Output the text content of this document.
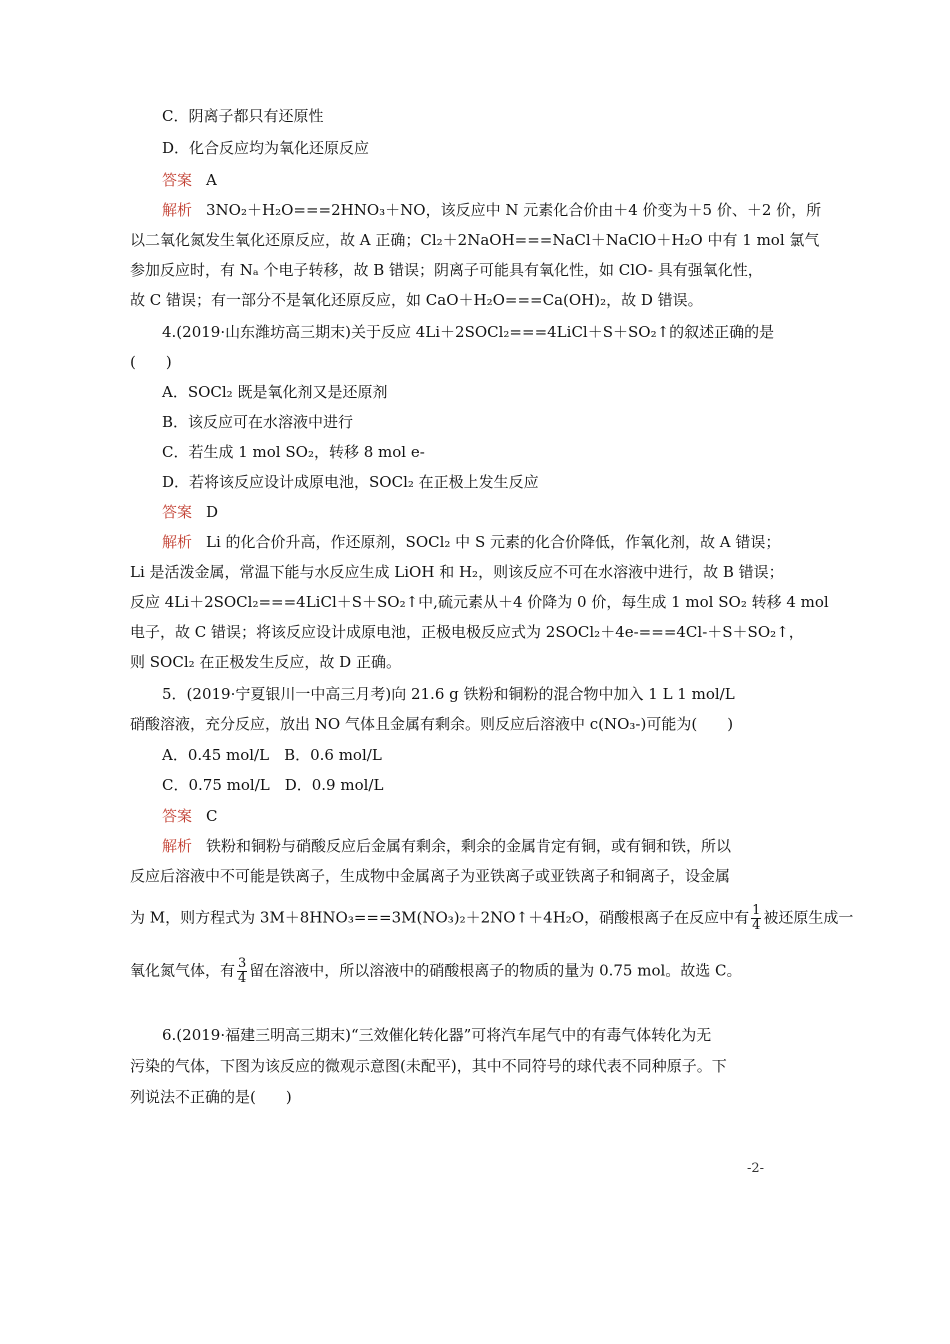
C．阴离子都只有还原性
D．化合反应均为氧化还原反应
答案 A
解析 3NO₂＋H₂O===2HNO₃＋NO，该反应中 N 元素化合价由＋4 价变为＋5 价、＋2 价，所
以二氧化氮发生氧化还原反应，故 A 正确；Cl₂＋2NaOH===NaCl＋NaClO＋H₂O 中有 1 mol 氯气
参加反应时，有 Nₐ 个电子转移，故 B 错误；阴离子可能具有氧化性，如 ClO- 具有强氧化性，
故 C 错误；有一部分不是氧化还原反应，如 CaO＋H₂O===Ca(OH)₂，故 D 错误。
4.(2019·山东潍坊高三期末)关于反应 4Li＋2SOCl₂===4LiCl＋S＋SO₂↑的叙述正确的是
(　　)
A．SOCl₂ 既是氧化剂又是还原剂
B．该反应可在水溶液中进行
C．若生成 1 mol SO₂，转移 8 mol e-
D．若将该反应设计成原电池，SOCl₂ 在正极上发生反应
答案 D
解析 Li 的化合价升高，作还原剂，SOCl₂ 中 S 元素的化合价降低，作氧化剂，故 A 错误；
Li 是活泼金属，常温下能与水反应生成 LiOH 和 H₂，则该反应不可在水溶液中进行，故 B 错误；
反应 4Li＋2SOCl₂===4LiCl＋S＋SO₂↑中,硫元素从＋4 价降为 0 价，每生成 1 mol SO₂ 转移 4 mol
电子，故 C 错误；将该反应设计成原电池，正极电极反应式为 2SOCl₂＋4e-===4Cl-＋S＋SO₂↑，
则 SOCl₂ 在正极发生反应，故 D 正确。
5．(2019·宁夏银川一中高三月考)向 21.6 g 铁粉和铜粉的混合物中加入 1 L 1 mol/L
硝酸溶液，充分反应，放出 NO 气体且金属有剩余。则反应后溶液中 c(NO₃-)可能为(　　)
A．0.45 mol/L　B．0.6 mol/L
C．0.75 mol/L　D．0.9 mol/L
答案 C
解析 铁粉和铜粉与硝酸反应后金属有剩余，剩余的金属肯定有铜，或有铜和铁，所以
反应后溶液中不可能是铁离子，生成物中金属离子为亚铁离子或亚铁离子和铜离子，设金属
为 M，则方程式为 3M＋8HNO₃===3M(NO₃)₂＋2NO↑＋4H₂O，硝酸根离子在反应中有 $\frac{1}{4}$ 被还原生成一
氧化氮气体，有 $\frac{3}{4}$ 留在溶液中，所以溶液中的硝酸根离子的物质的量为 0.75 mol。故选 C。
6.(2019·福建三明高三期末)“三效催化转化器”可将汽车尾气中的有毒气体转化为无
污染的气体，下图为该反应的微观示意图(未配平)，其中不同符号的球代表不同种原子。下
列说法不正确的是(　　)
-2-
